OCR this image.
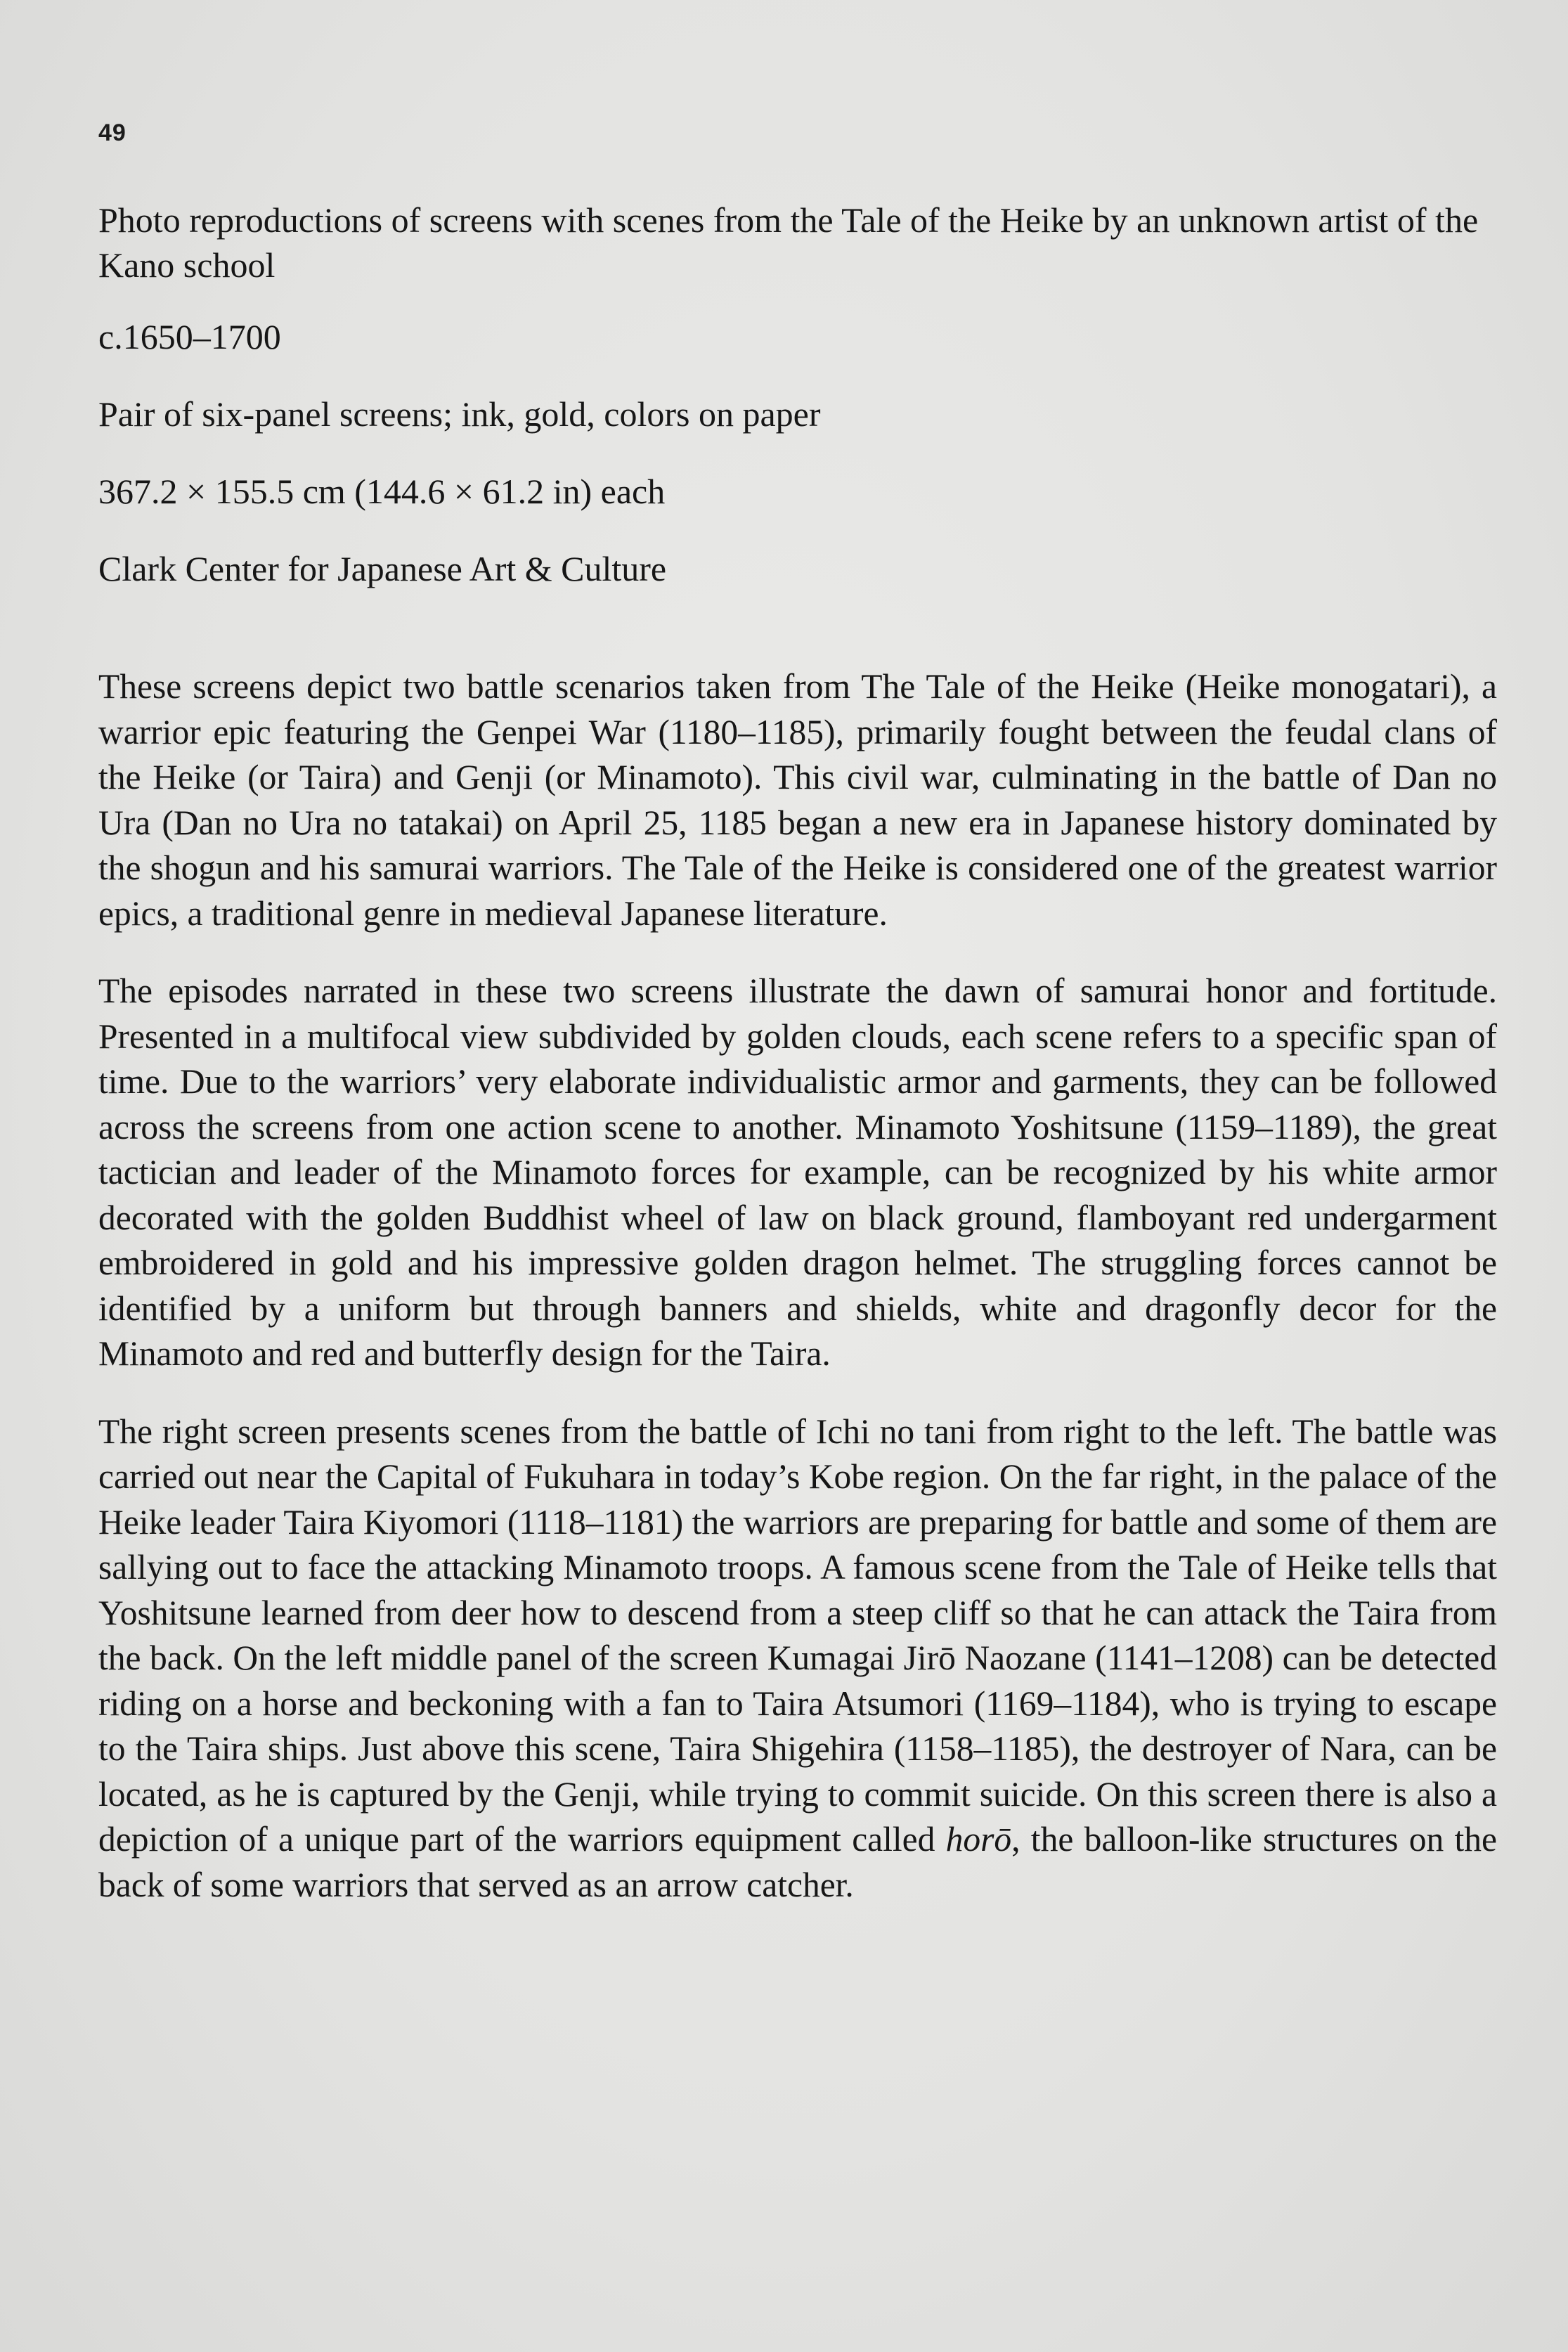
49
Photo reproductions of screens with scenes from the Tale of the Heike by an unknown artist of the Kano school
c.1650–1700
Pair of six-panel screens; ink, gold, colors on paper
367.2 × 155.5 cm (144.6 × 61.2 in) each
Clark Center for Japanese Art & Culture

These screens depict two battle scenarios taken from The Tale of the Heike (Heike monogatari), a warrior epic featuring the Genpei War (1180–1185), primarily fought between the feudal clans of the Heike (or Taira) and Genji (or Minamoto). This civil war, culminating in the battle of Dan no Ura (Dan no Ura no tatakai) on April 25, 1185 began a new era in Japanese history dominated by the shogun and his samurai warriors. The Tale of the Heike is considered one of the greatest warrior epics, a traditional genre in medieval Japanese literature.

The episodes narrated in these two screens illustrate the dawn of samurai honor and fortitude. Presented in a multifocal view subdivided by golden clouds, each scene refers to a specific span of time. Due to the warriors’ very elaborate individualistic armor and garments, they can be followed across the screens from one action scene to another. Minamoto Yoshitsune (1159–1189), the great tactician and leader of the Minamoto forces for example, can be recognized by his white armor decorated with the golden Buddhist wheel of law on black ground, flamboyant red undergarment embroidered in gold and his impressive golden dragon helmet. The struggling forces cannot be identified by a uniform but through banners and shields, white and dragonfly decor for the Minamoto and red and butterfly design for the Taira.

The right screen presents scenes from the battle of Ichi no tani from right to the left. The battle was carried out near the Capital of Fukuhara in today’s Kobe region. On the far right, in the palace of the Heike leader Taira Kiyomori (1118–1181) the warriors are preparing for battle and some of them are sallying out to face the attacking Minamoto troops. A famous scene from the Tale of Heike tells that Yoshitsune learned from deer how to descend from a steep cliff so that he can attack the Taira from the back. On the left middle panel of the screen Kumagai Jirō Naozane (1141–1208) can be detected riding on a horse and beckoning with a fan to Taira Atsumori (1169–1184), who is trying to escape to the Taira ships. Just above this scene, Taira Shigehira (1158–1185), the destroyer of Nara, can be located, as he is captured by the Genji, while trying to commit suicide. On this screen there is also a depiction of a unique part of the warriors equipment called horō, the balloon-like structures on the back of some warriors that served as an arrow catcher.
